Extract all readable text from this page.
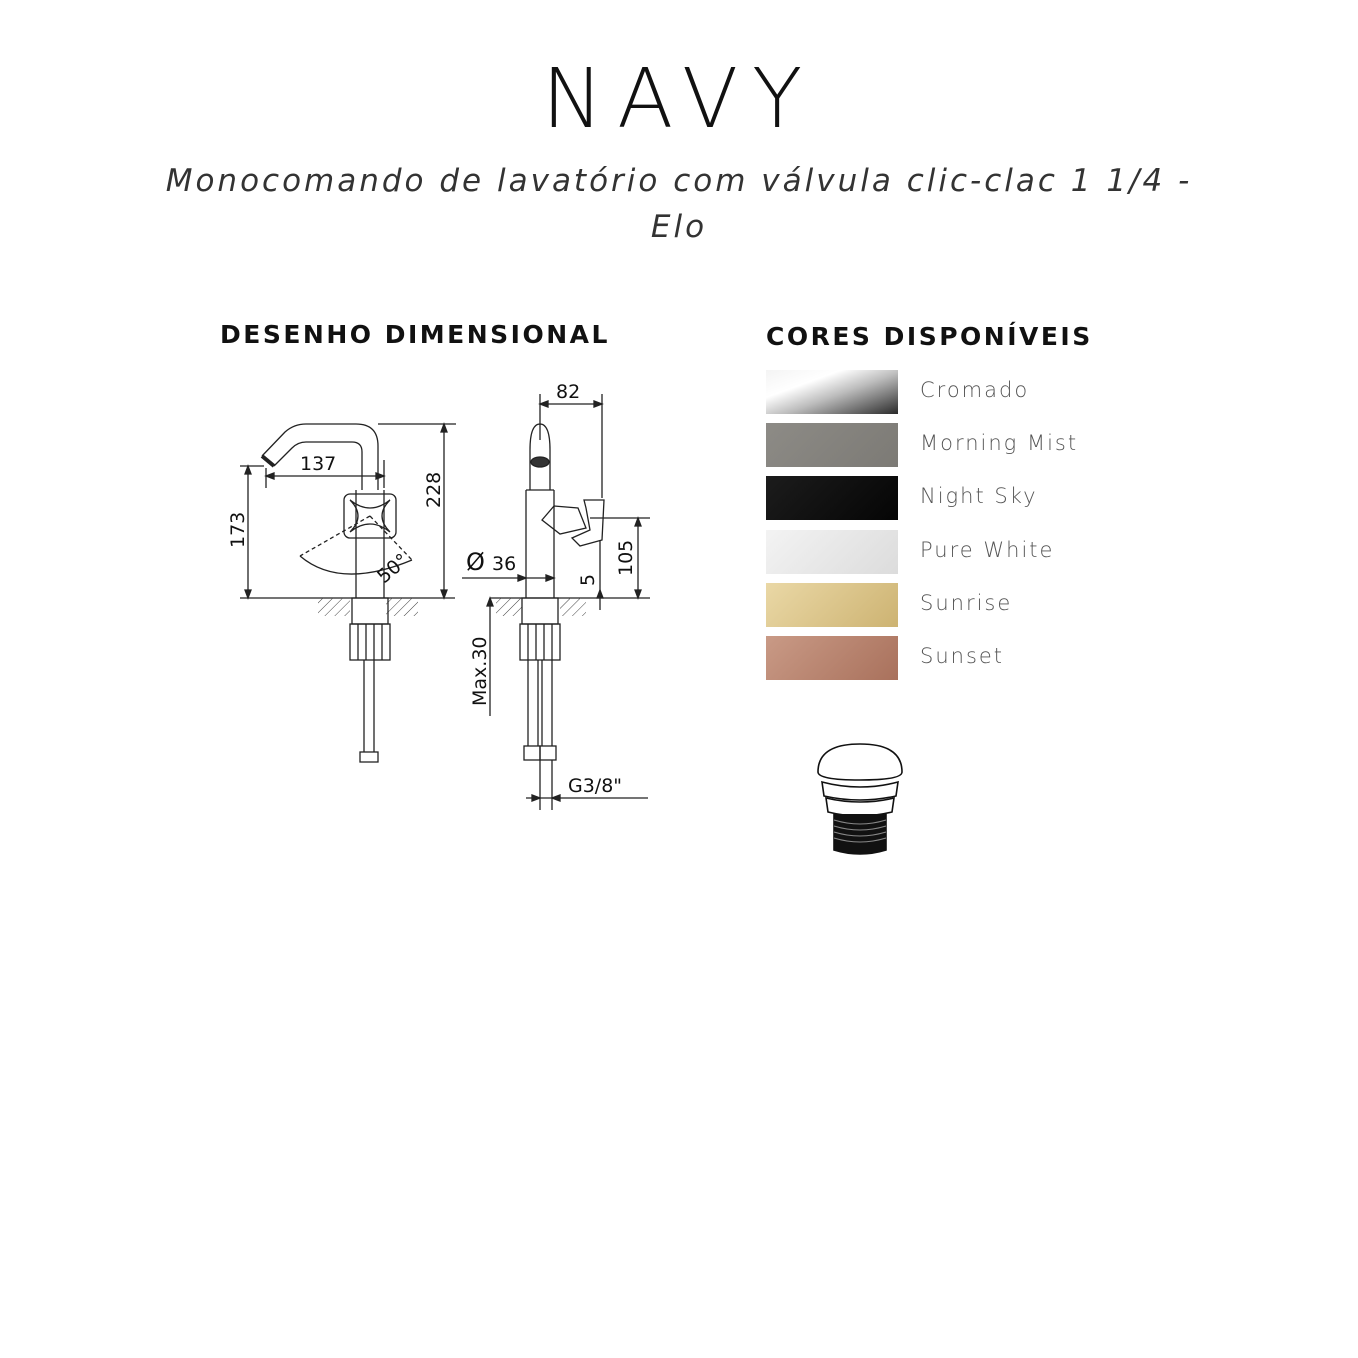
NAVY
Monocomando de lavatório com válvula clic-clac 1 1/4 - Elo
DESENHO DIMENSIONAL	CORES DISPONÍVEIS
137
173
228
50°
82
Ø 36	105
5
Max.30
G3/8"
Cromado
Morning Mist
Night Sky
Pure White
Sunrise
Sunset
